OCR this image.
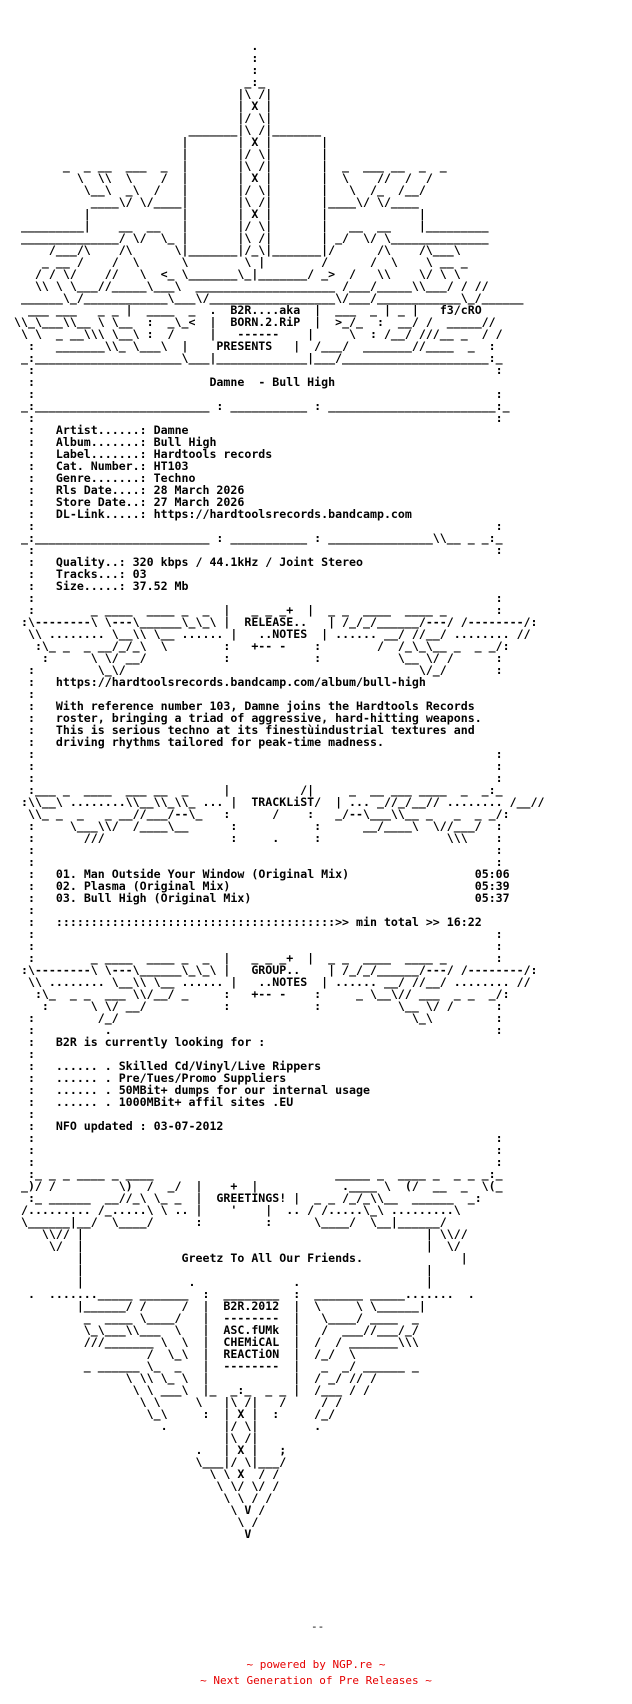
.
:
:
_:_
|\ /|
| X |
|/ \|
_______|\ /|_______
|       | X |       |
|       |/ \|       |
_  _ __  ___  _  |       |\ /|       |  _  ___ __  _  _
\  \\  \    /  |       | X |       |  \    //  /  /
\__\  _\  /   |       |/ \|       |   \  /_  /__/
____\/ \/____|       |\ /|       |____\/ \/____
|             |       | X |       |             |
_________|    __  __   |       |/ \|       |   __  __    |_________
______________/ \/  \_ |       |\ /|       | _/  \/ \______________
/___/\    /\      \|_______|/_\|_______|/      /\    /\___\
_ __ /    /  \      \        \ |        /      /  \    \ __ _
/ / \/    //   \  <_ \_______\_|_______/ _>  /   \\    \/ \ \
\\ \ \___//_____\___\  ____________________ /___/_____\\___/ / //
______\_/____________\___\/__________________\/___/____________\_/______
___ ___   _ _ |  ____  _  .  B2R....aka  |  ___  _ | _ |   f3/cRO
\\_\___\\__ \ \__  :  _\_<  |  BORN.2.RiP  |  >_/_  :  __/ /  _____//
\ \  _ __\\\ \__\ :  /     |   ------    |     \  : /__/ ///__ _  / /
:   _______\\_ \___\  |    PRESENTS   |  /___/  _______//____  _  :
_:_____________________\___|_____________|___/_____________________:_
:                                                                  :
:                         Damne  - Bull High
:                                                                  :
_:_________________________ : ___________ : ________________________:_
:                                                                  :
:   Artist......: Damne
:   Album.......: Bull High
:   Label.......: Hardtools records
:   Cat. Number.: HT103
:   Genre.......: Techno
:   Rls Date....: 28 March 2026
:   Store Date..: 27 March 2026
:   DL-Link.....: https://hardtoolsrecords.bandcamp.com
:                                                                  :
_:_________________________ : ___________ : _______________\\__ _ _:_
:                                                                  :
:   Quality..: 320 kbps / 44.1kHz / Joint Stereo
:   Tracks...: 03
:   Size.....: 37.52 Mb
:                                                                  :
:        _ ____  ____ _  _  |   _ _ _+  |  _ _  ____  ____ _       :
:\--------\ \---\______\_\_\ |  RELEASE..   | /_/_/______/---/ /--------/:
\\ ........ \__\\ \__ ...... |   ..NOTES  | ...... __/ //__/ ........ //
:\_ _  _ __/_/_\  \        :   +-- -    :        /  /_\_\__ _  _ _/:
:      \ \/ __/           :            :           \__ \/ /      :
:         \_\/                                          \/_/       :
:   https://hardtoolsrecords.bandcamp.com/album/bull-high
:
:   With reference number 103, Damne joins the Hardtools Records
:   roster, bringing a triad of aggressive, hard-hitting weapons.
:   This is serious techno at its finestùindustrial textures and
:   driving rhythms tailored for peak-time madness.
:                                                                  :
:                                                                  :
:                                                                  :
:___ _  ____  ___ __  _     |          /|     _  __ ___ ____  _  _:_
:\\__\ ........\\__\\_\\_ ... |  TRACKLiST/  | ... _//_/__// ........ /__//
\\_ _  _   _ __//___/--\_   :      /    :   _/--\___\\__ _   _  _ _/:
:     \___\\/  /____\__      :           :      __/____\  \//___/  :
:       ///                  :     .     :                  \\\    :
:                                                                  :
:                                                                  :
:   01. Man Outside Your Window (Original Mix)	05:06
:   02. Plasma (Original Mix)	05:39
:   03. Bull High (Original Mix)	05:37
:
:   ::::::::::::::::::::::::::::::::::::::::>> min total >> 16:22
:                                                                  :
:                                                                  :
:        _ ____  ____ _  _  |   _ _ _+  |  _ _  ____  ____ _       :
:\--------\ \---\______\_\_\ |   GROUP..    | /_/_/______/---/ /--------/:
\\ ........ \__\\ \__ ...... |   ..NOTES  | ...... __/ //__/ ........ //
:\_  _ _  ___ \\/__/ _     :   +-- -    :     _ \__\// ___  _ _  _/:
:      \ \/ __/           :            :           \__ \/ /      :
:         /_/                                          \_\         :
:          .                                                       :
:   B2R is currently looking for :
:
:   ...... . Skilled Cd/Vinyl/Live Rippers
:   ...... . Pre/Tues/Promo Suppliers
:   ...... . 50MBit+ dumps for our internal usage
:   ...... . 1000MBit+ affil sites .EU
:
:   NFO updated : 03-07-2012
:                                                                  :
:                                                                  :
:                                                                  :
:_ _ _ ____ _ ____                          _____ _  ____ _  _ _ _:_
_)/ /         \)  /  _/  |    +  |            .____ \  (/  __  _  \(_
:_ ______  __//_\ \_ _  |  GREETINGS! |  _ _ /_/_\\__  ______  _:
/......... /_.....\ \ .. |    '    |  .. / /.....\_\ .........\
\______|__/  \____/      :         :      \____/  \__|______/
\\// |                                                 | \\//
\/  |                                                 |  \/
|	Greetz To All Our Friends.	|
|                                                 |
|               .              .                  |
.  ......._____ _______  :  ________  :  _______ _____.......  .
|______/ /     /  |  B2R.2012  |  \     \ \______|
_  ____ \____/   |  --------  |   \____/ ____  _
\_\___\\___  \   |  ASC.fUMk  |   /  ___//___/_/
///_______ \  \  |  CHEMiCAL  |  /  / _______\\\
/  \_\  |  REACTiON  |  /_/  \
_ ______ \_  _   |  --------  |   _  _/ ______ _
\ \\ \_ \  |            |  / _/ // /
\ \ ___\  |_  _:_  _ _ |  /___ / /
\ \     \   |\ /|   /     / /
\_\     :  | X |  :     /_/
.        |/ \|        .
|\ /|
.   | X |   ;
\___|/ \|___/
\ \ X  / /
\ \/ \/ /
\ \ / /
\ V /
\ /
V
--
~ powered by NGP.re ~
~ Next Generation of Pre Releases ~
